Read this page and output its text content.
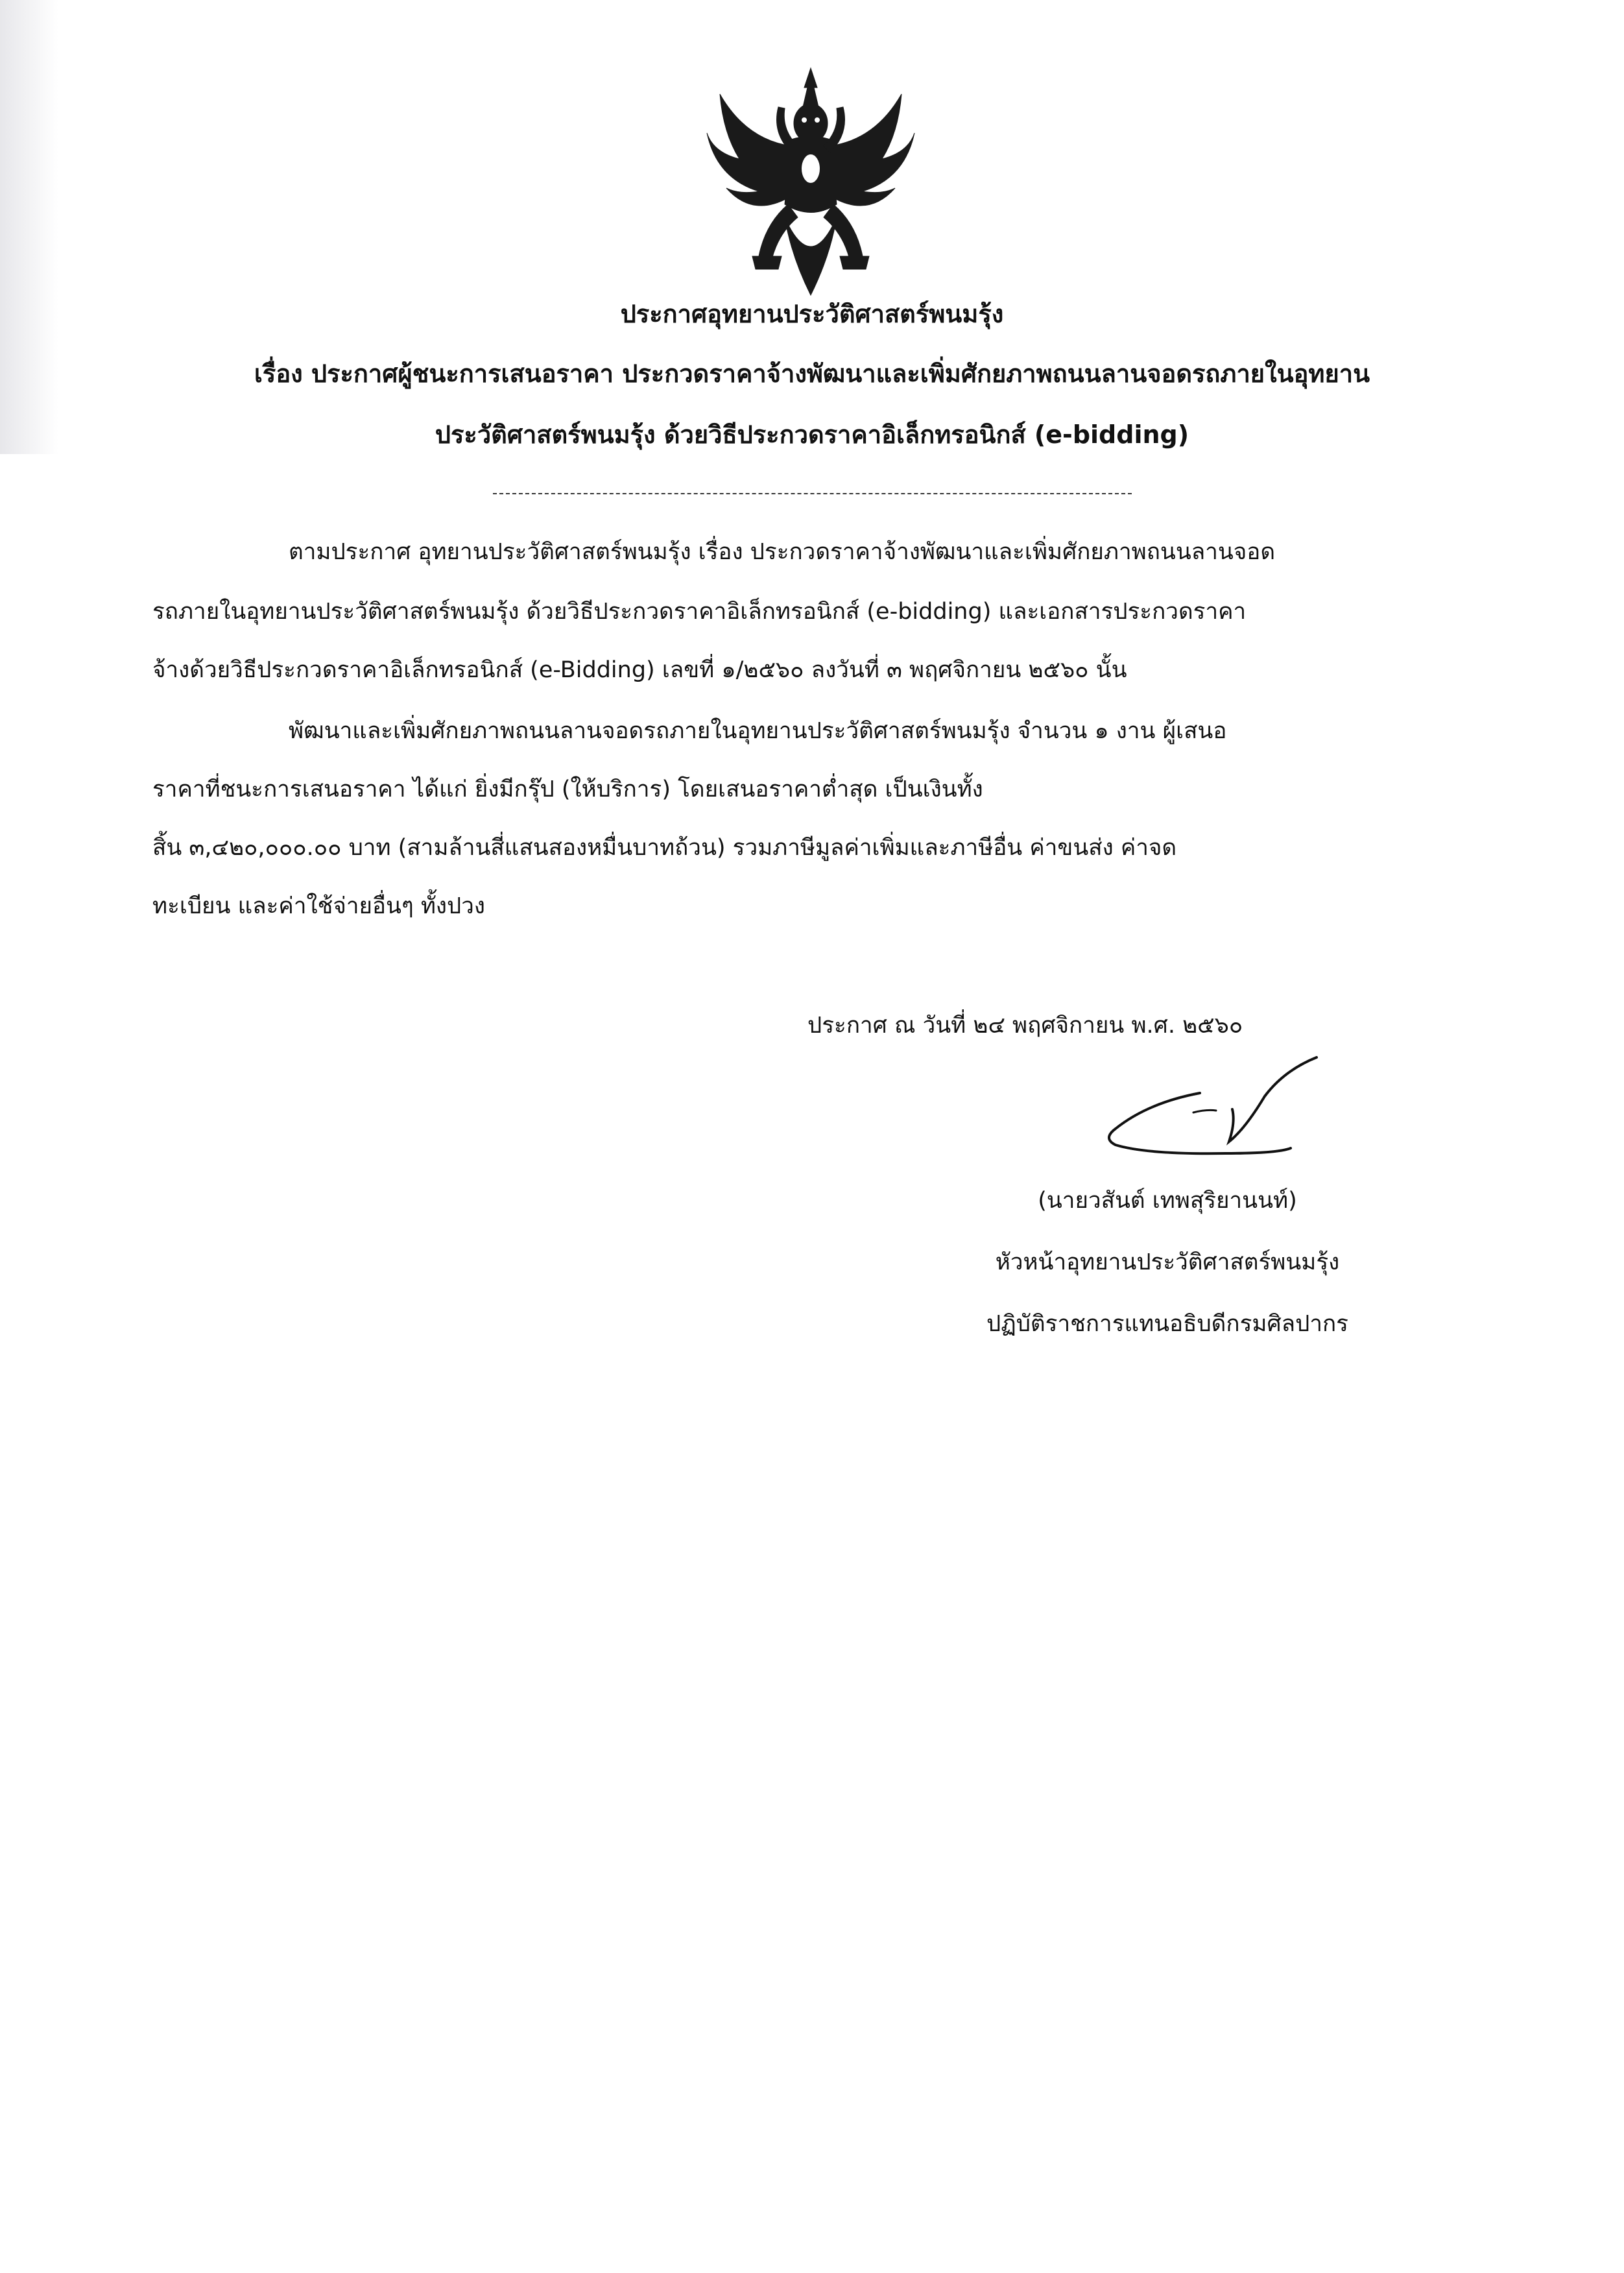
ประกาศอุทยานประวัติศาสตร์พนมรุ้ง
เรื่อง ประกาศผู้ชนะการเสนอราคา ประกวดราคาจ้างพัฒนาและเพิ่มศักยภาพถนนลานจอดรถภายในอุทยาน
ประวัติศาสตร์พนมรุ้ง ด้วยวิธีประกวดราคาอิเล็กทรอนิกส์ (e-bidding)
ตามประกาศ อุทยานประวัติศาสตร์พนมรุ้ง เรื่อง ประกวดราคาจ้างพัฒนาและเพิ่มศักยภาพถนนลานจอด
รถภายในอุทยานประวัติศาสตร์พนมรุ้ง ด้วยวิธีประกวดราคาอิเล็กทรอนิกส์ (e-bidding) และเอกสารประกวดราคา
จ้างด้วยวิธีประกวดราคาอิเล็กทรอนิกส์ (e-Bidding) เลขที่ ๑/๒๕๖๐ ลงวันที่ ๓ พฤศจิกายน ๒๕๖๐ นั้น
พัฒนาและเพิ่มศักยภาพถนนลานจอดรถภายในอุทยานประวัติศาสตร์พนมรุ้ง จำนวน ๑ งาน ผู้เสนอ
ราคาที่ชนะการเสนอราคา ได้แก่ ยิ่งมีกรุ๊ป (ให้บริการ) โดยเสนอราคาต่ำสุด เป็นเงินทั้ง
สิ้น ๓,๔๒๐,๐๐๐.๐๐ บาท (สามล้านสี่แสนสองหมื่นบาทถ้วน) รวมภาษีมูลค่าเพิ่มและภาษีอื่น ค่าขนส่ง ค่าจด
ทะเบียน และค่าใช้จ่ายอื่นๆ ทั้งปวง
ประกาศ ณ วันที่ ๒๔ พฤศจิกายน พ.ศ. ๒๕๖๐
(นายวสันต์ เทพสุริยานนท์)
หัวหน้าอุทยานประวัติศาสตร์พนมรุ้ง
ปฏิบัติราชการแทนอธิบดีกรมศิลปากร
